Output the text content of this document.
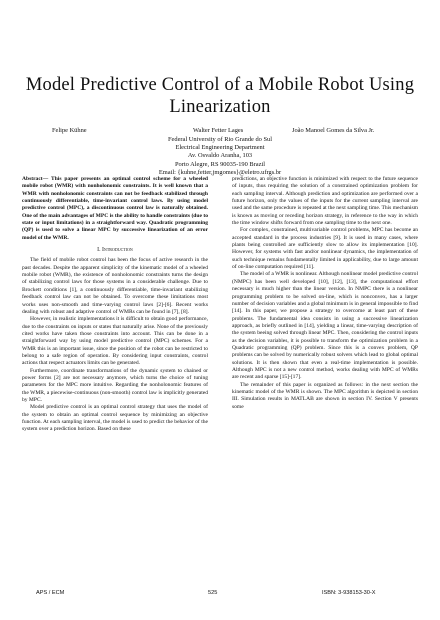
Model Predictive Control of a Mobile Robot Using
Linearization
Felipe Kühne	Walter Fetter Lages	João Manoel Gomes da Silva Jr.
Federal University of Rio Grande do Sul
Electrical Engineering Department
Av. Osvaldo Aranha, 103
Porto Alegre, RS 90035-190 Brazil
Email: {kuhne,fetter,jmgomes}@eletro.ufrgs.br

Abstract— This paper presents an optimal control scheme for a wheeled mobile robot (WMR) with nonholonomic constraints. It is well known that a WMR with nonholonomic constraints can not be feedback stabilized through continuously differentiable, time-invariant control laws. By using model predictive control (MPC), a discontinuous control law is naturally obtained. One of the main advantages of MPC is the ability to handle constraints (due to state or input limitations) in a straightforward way. Quadratic programming (QP) is used to solve a linear MPC by successive linearization of an error model of the WMR.

I. Introduction

The field of mobile robot control has been the focus of active research in the past decades. Despite the apparent simplicity of the kinematic model of a wheeled mobile robot (WMR), the existence of nonholonomic constraints turns the design of stabilizing control laws for those systems in a considerable challenge. Due to Brockett conditions [1], a continuously differentiable, time-invariant stabilizing feedback control law can not be obtained. To overcome these limitations most works uses non-smooth and time-varying control laws [2]-[6]. Recent works dealing with robust and adaptive control of WMRs can be found in [7], [8].

However, in realistic implementations it is difficult to obtain good performance, due to the constraints on inputs or states that naturally arise. None of the previously cited works have taken those constraints into account. This can be done in a straightforward way by using model predictive control (MPC) schemes. For a WMR this is an important issue, since the position of the robot can be restricted to belong to a safe region of operation. By considering input constraints, control actions that respect actuators limits can be generated.

Furthermore, coordinate transformations of the dynamic system to chained or power forms [2] are not necessary anymore, which turns the choice of tuning parameters for the MPC more intuitive. Regarding the nonholonomic features of the WMR, a piecewise-continuous (non-smooth) control law is implicitly generated by MPC.

Model predictive control is an optimal control strategy that uses the model of the system to obtain an optimal control sequence by minimizing an objective function. At each sampling interval, the model is used to predict the behavior of the system over a prediction horizon. Based on these

predictions, an objective function is minimized with respect to the future sequence of inputs, thus requiring the solution of a constrained optimization problem for each sampling interval. Although prediction and optimization are performed over a future horizon, only the values of the inputs for the current sampling interval are used and the same procedure is repeated at the next sampling time. This mechanism is known as moving or receding horizon strategy, in reference to the way in which the time window shifts forward from one sampling time to the next one.

For complex, constrained, multivariable control problems, MPC has become an accepted standard in the process industries [9]. It is used in many cases, where plants being controlled are sufficiently slow to allow its implementation [10]. However, for systems with fast and/or nonlinear dynamics, the implementation of such technique remains fundamentally limited in applicability, due to large amount of on-line computation required [11].

The model of a WMR is nonlinear. Although nonlinear model predictive control (NMPC) has been well developed [10], [12], [13], the computational effort necessary is much higher than the linear version. In NMPC there is a nonlinear programming problem to be solved on-line, which is nonconvex, has a larger number of decision variables and a global minimum is in general impossible to find [14]. In this paper, we propose a strategy to overcome at least part of these problems. The fundamental idea consists in using a successive linearization approach, as briefly outlined in [14], yielding a linear, time-varying description of the system beeing solved through linear MPC. Then, considering the control inputs as the decision variables, it is possible to transform the optimization problem in a Quadratic programming (QP) problem. Since this is a convex problem, QP problems can be solved by numerically robust solvers which lead to global optimal solutions. It is then shown that even a real-time implementation is possible. Although MPC is not a new control method, works dealing with MPC of WMRs are recent and sparse [15]-[17].

The remainder of this paper is organized as follows: in the next section the kinematic model of the WMR is shown. The MPC algorithm is depicted in section III. Simulation results in MATLAB are shown in section IV. Section V presents some

APS / ECM	525	ISBN: 3-938153-30-X
